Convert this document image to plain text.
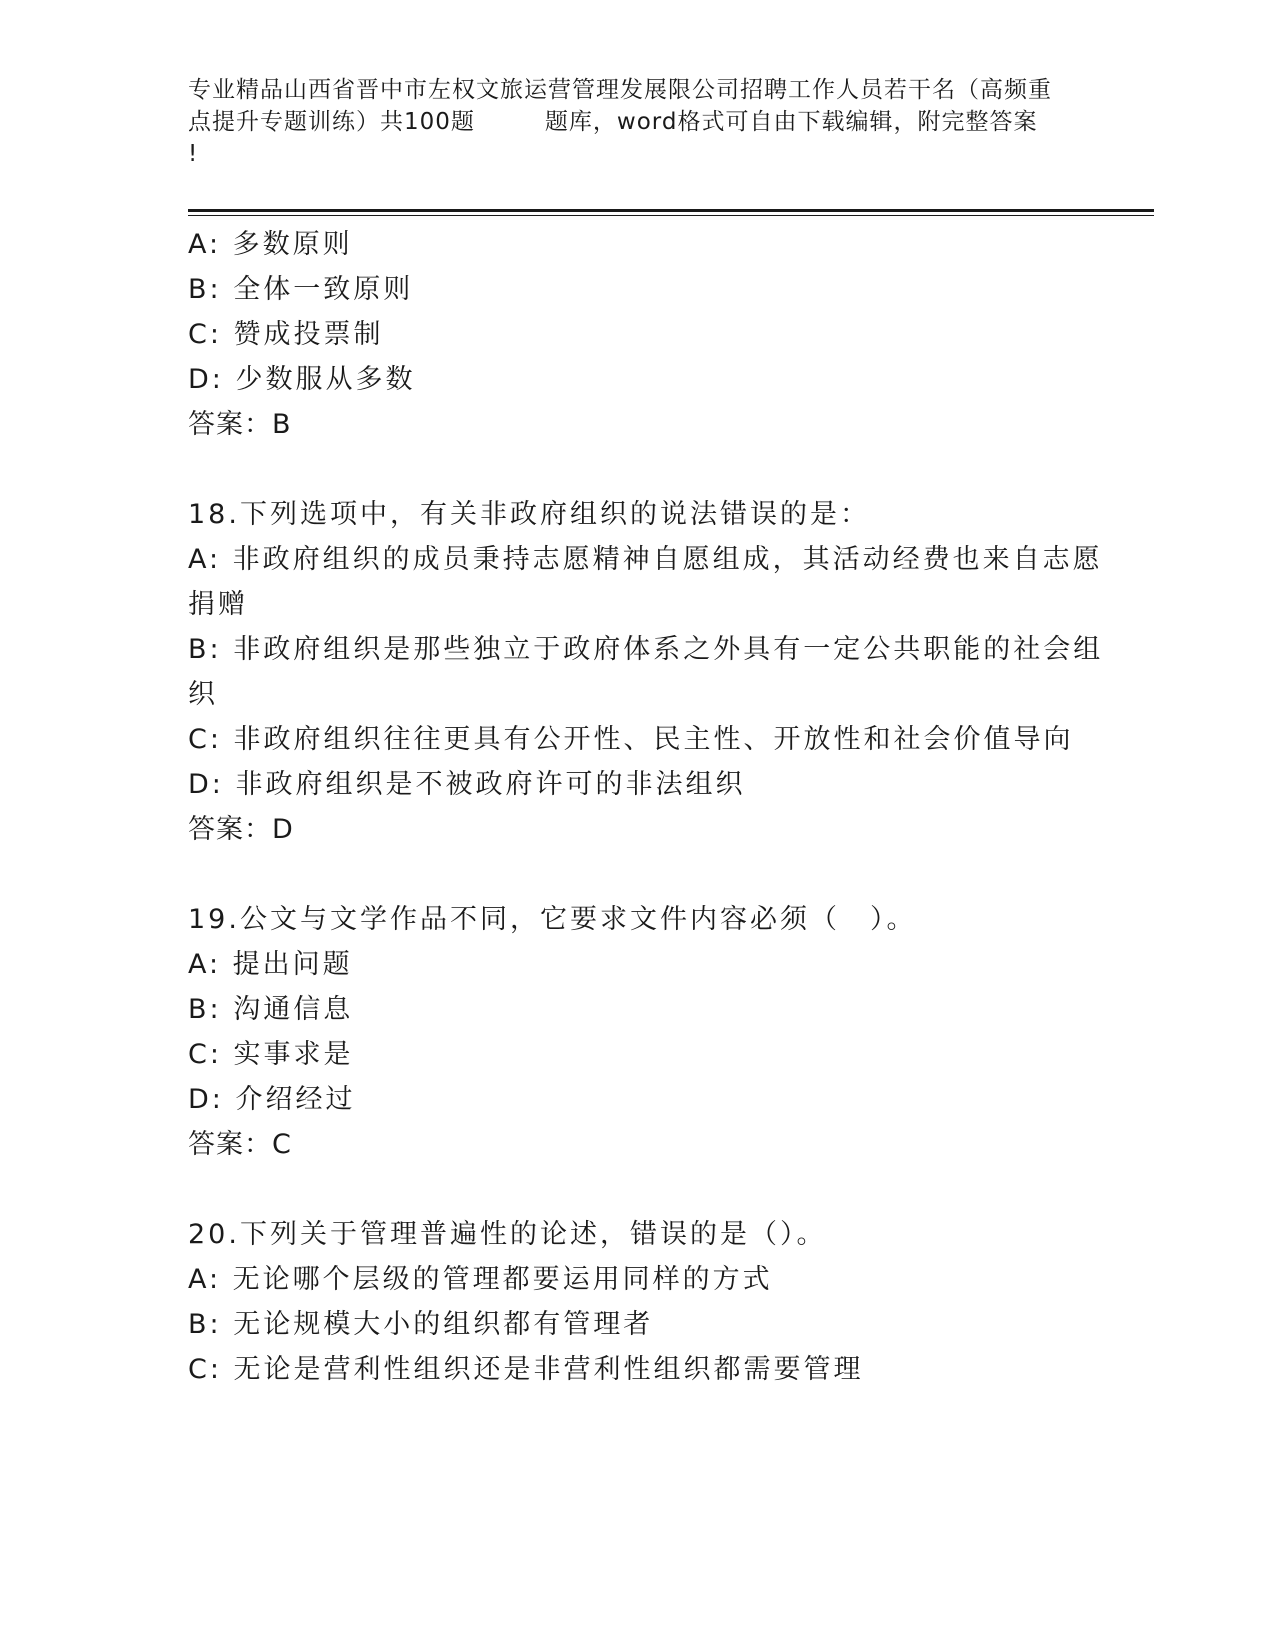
专业精品山西省晋中市左权文旅运营管理发展限公司招聘工作人员若干名（高频重
点提升专题训练）共100题	题库，word格式可自由下载编辑，附完整答案
!
A: 多数原则
B: 全体一致原则
C: 赞成投票制
D: 少数服从多数
答案：B
18.下列选项中，有关非政府组织的说法错误的是：
A: 非政府组织的成员秉持志愿精神自愿组成，其活动经费也来自志愿
捐赠
B: 非政府组织是那些独立于政府体系之外具有一定公共职能的社会组
织
C: 非政府组织往往更具有公开性、民主性、开放性和社会价值导向
D: 非政府组织是不被政府许可的非法组织
答案：D
19.公文与文学作品不同，它要求文件内容必须（　）。
A: 提出问题
B: 沟通信息
C: 实事求是
D: 介绍经过
答案：C
20.下列关于管理普遍性的论述，错误的是（）。
A: 无论哪个层级的管理都要运用同样的方式
B: 无论规模大小的组织都有管理者
C: 无论是营利性组织还是非营利性组织都需要管理
